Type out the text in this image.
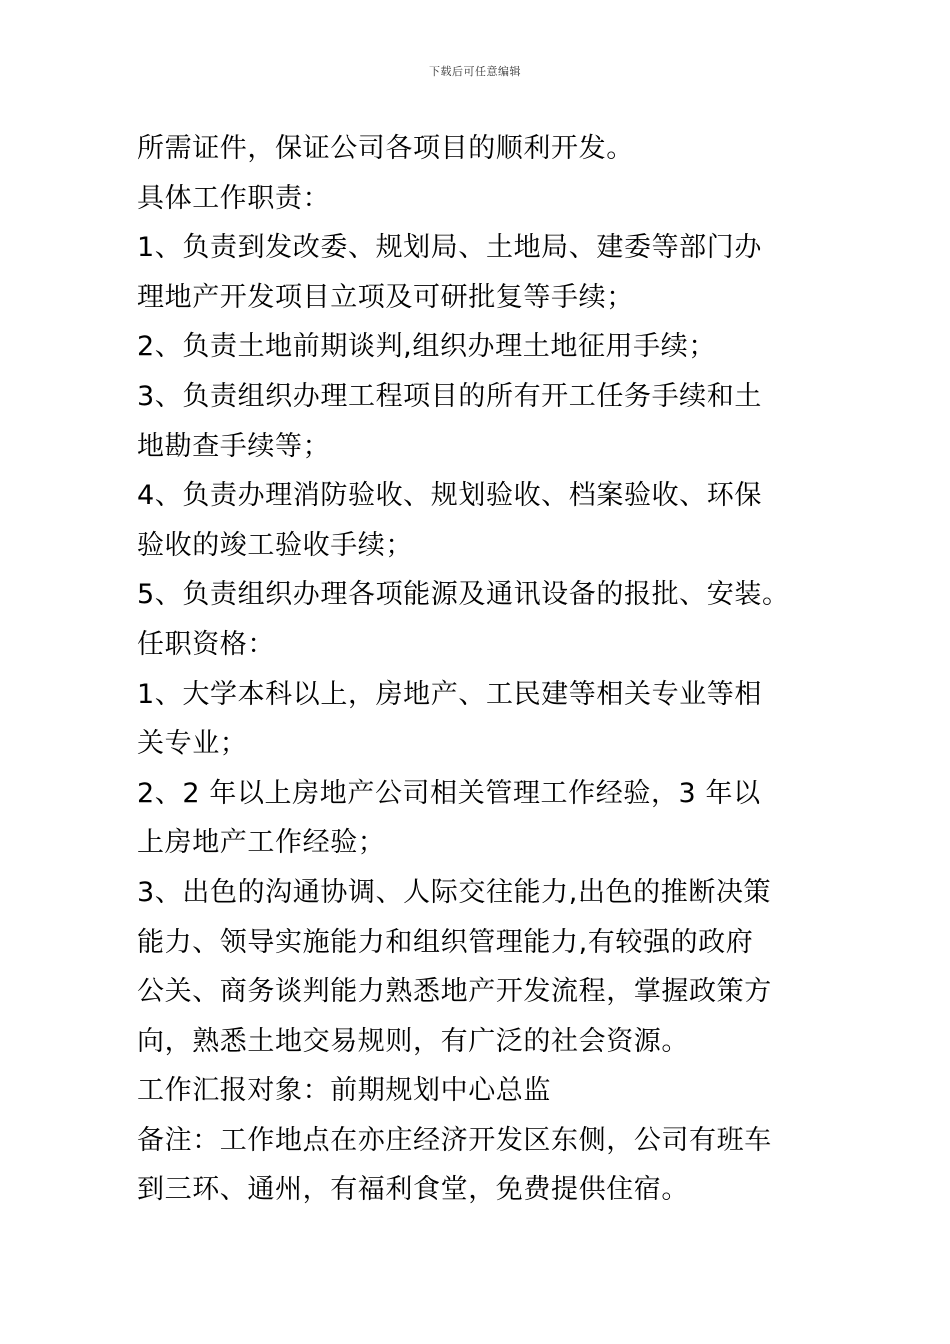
下载后可任意编辑
所需证件，保证公司各项目的顺利开发。
具体工作职责：
1、负责到发改委、规划局、土地局、建委等部门办
理地产开发项目立项及可研批复等手续；
2、负责土地前期谈判,组织办理土地征用手续；
3、负责组织办理工程项目的所有开工任务手续和土
地勘查手续等；
4、负责办理消防验收、规划验收、档案验收、环保
验收的竣工验收手续；
5、负责组织办理各项能源及通讯设备的报批、安装。
任职资格：
1、大学本科以上，房地产、工民建等相关专业等相
关专业；
2、2 年以上房地产公司相关管理工作经验，3 年以
上房地产工作经验；
3、出色的沟通协调、人际交往能力,出色的推断决策
能力、领导实施能力和组织管理能力,有较强的政府
公关、商务谈判能力熟悉地产开发流程，掌握政策方
向，熟悉土地交易规则，有广泛的社会资源。
工作汇报对象：前期规划中心总监
备注：工作地点在亦庄经济开发区东侧，公司有班车
到三环、通州，有福利食堂，免费提供住宿。
